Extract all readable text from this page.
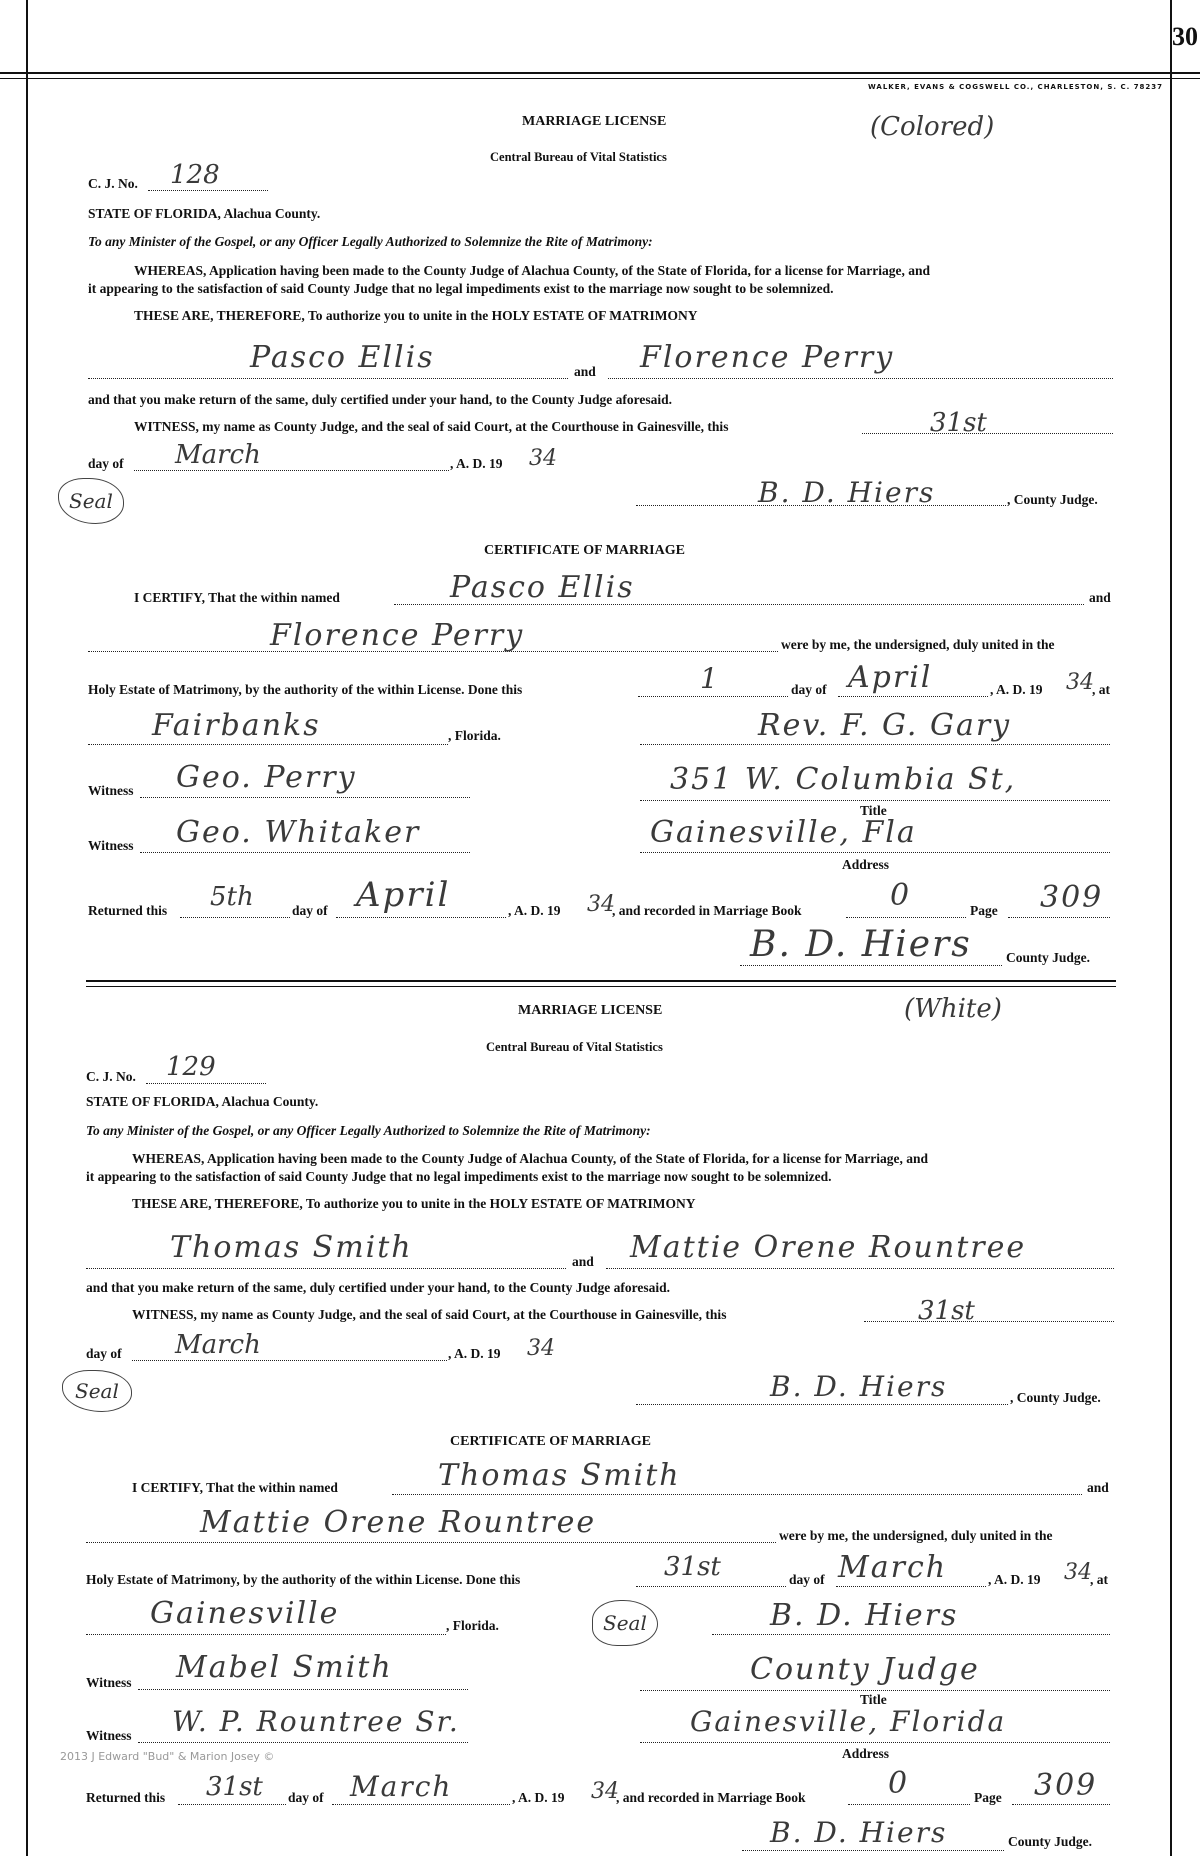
30
WALKER, EVANS & COGSWELL CO., CHARLESTON, S. C. 78237
(Colored)
MARRIAGE LICENSE
Central Bureau of Vital Statistics
C. J. No. 128
STATE OF FLORIDA, Alachua County.
To any Minister of the Gospel, or any Officer Legally Authorized to Solemnize the Rite of Matrimony:
WHEREAS, Application having been made to the County Judge of Alachua County, of the State of Florida, for a license for Marriage, and
it appearing to the satisfaction of said County Judge that no legal impediments exist to the marriage now sought to be solemnized.
THESE ARE, THEREFORE, To authorize you to unite in the HOLY ESTATE OF MATRIMONY
Pasco Ellis	and Florence Perry
and that you make return of the same, duly certified under your hand, to the County Judge aforesaid.
WITNESS, my name as County Judge, and the seal of said Court, at the Courthouse in Gainesville, this	31st
day of March	, A. D. 19 34
Seal	B. D. Hiers	, County Judge.
CERTIFICATE OF MARRIAGE
I CERTIFY, That the within named	Pasco Ellis	and
Florence Perry	were by me, the undersigned, duly united in the
Holy Estate of Matrimony, by the authority of the within License. Done this	1	day of April	, A. D. 19 34
, at
Fairbanks	, Florida.	Rev. F. G. Gary
Witness Geo. Perry	351 W. Columbia St,
Title
Witness Geo. Whitaker	Gainesville, Fla
Address
Returned this 5th	day of April	, A. D. 19 34
, and recorded in Marriage Book	0	Page 309
B. D. Hiers	County Judge.
(White)
MARRIAGE LICENSE
Central Bureau of Vital Statistics
C. J. No. 129
STATE OF FLORIDA, Alachua County.
To any Minister of the Gospel, or any Officer Legally Authorized to Solemnize the Rite of Matrimony:
WHEREAS, Application having been made to the County Judge of Alachua County, of the State of Florida, for a license for Marriage, and
it appearing to the satisfaction of said County Judge that no legal impediments exist to the marriage now sought to be solemnized.
THESE ARE, THEREFORE, To authorize you to unite in the HOLY ESTATE OF MATRIMONY
Thomas Smith	and Mattie Orene Rountree
and that you make return of the same, duly certified under your hand, to the County Judge aforesaid.
WITNESS, my name as County Judge, and the seal of said Court, at the Courthouse in Gainesville, this	31st
day of March	, A. D. 19 34
Seal	B. D. Hiers	, County Judge.
CERTIFICATE OF MARRIAGE
I CERTIFY, That the within named	Thomas Smith	and
Mattie Orene Rountree	were by me, the undersigned, duly united in the
Holy Estate of Matrimony, by the authority of the within License. Done this	31st	day of March	, A. D. 19 34
, at
Gainesville	, Florida.	Seal	B. D. Hiers
Witness Mabel Smith	County Judge
Title
Witness W. P. Rountree Sr.	Gainesville, Florida
Address
2013 J Edward "Bud" & Marion Josey ©
Returned this 31st day of March	, A. D. 19 34
, and recorded in Marriage Book	0	Page 309
B. D. Hiers	County Judge.
